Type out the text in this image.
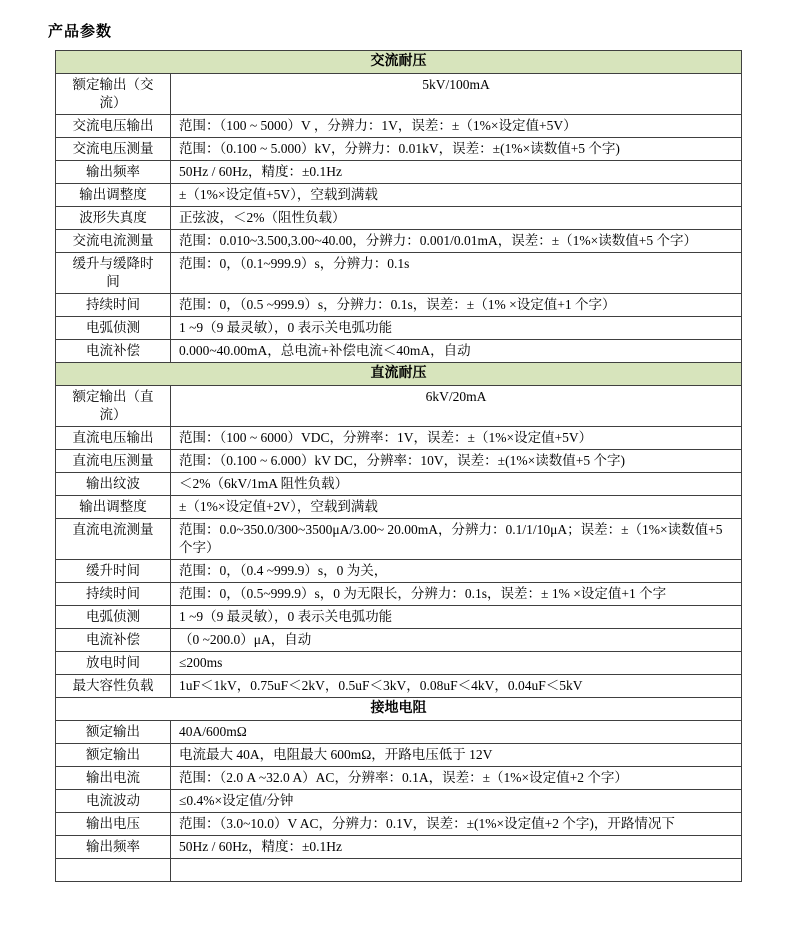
产品参数
交流耐压	
额定输出（交流）	5kV/100mA
交流电压输出	范围：（100 ~ 5000）V ，分辨力：1V，误差：±（1%×设定值+5V）
交流电压测量	范围：（0.100 ~ 5.000）kV，分辨力：0.01kV，误差：±(1%×读数值+5 个字)
输出频率	50Hz / 60Hz，精度：±0.1Hz
输出调整度	±（1%×设定值+5V），空载到满载
波形失真度	正弦波，＜2%（阻性负载）
交流电流测量	范围：0.010~3.500,3.00~40.00，分辨力：0.001/0.01mA，误差：±（1%×读数值+5 个字）
缓升与缓降时间	范围：0，（0.1~999.9）s，分辨力：0.1s
持续时间	范围：0，（0.5 ~999.9）s，分辨力：0.1s，误差：±（1% ×设定值+1 个字）
电弧侦测	1 ~9（9 最灵敏），0 表示关电弧功能
电流补偿	0.000~40.00mA，总电流+补偿电流＜40mA，自动
直流耐压	
额定输出（直流）	6kV/20mA
直流电压输出	范围：（100 ~ 6000）VDC，分辨率：1V，误差：±（1%×设定值+5V）
直流电压测量	范围：（0.100 ~ 6.000）kV DC，分辨率：10V，误差：±(1%×读数值+5 个字)
输出纹波	＜2%（6kV/1mA 阻性负载）
输出调整度	±（1%×设定值+2V），空载到满载
直流电流测量	范围：0.0~350.0/300~3500μA/3.00~ 20.00mA，分辨力：0.1/1/10μA；误差：±（1%×读数值+5 个字）
缓升时间	范围：0，（0.4 ~999.9）s，0 为关，
持续时间	范围：0，（0.5~999.9）s，0 为无限长，分辨力：0.1s，误差：± 1% ×设定值+1 个字
电弧侦测	1 ~9（9 最灵敏），0 表示关电弧功能
电流补偿	（0 ~200.0）μA，自动
放电时间	≤200ms
最大容性负载	1uF＜1kV，0.75uF＜2kV，0.5uF＜3kV，0.08uF＜4kV，0.04uF＜5kV
接地电阻	
额定输出	40A/600mΩ
额定输出	电流最大 40A，电阻最大 600mΩ，开路电压低于 12V
输出电流	范围：（2.0 A ~32.0 A）AC，分辨率：0.1A，误差：±（1%×设定值+2 个字）
电流波动	≤0.4%×设定值/分钟
输出电压	范围：（3.0~10.0）V AC，分辨力：0.1V，误差：±(1%×设定值+2 个字)，开路情况下
输出频率	50Hz / 60Hz，精度：±0.1Hz
